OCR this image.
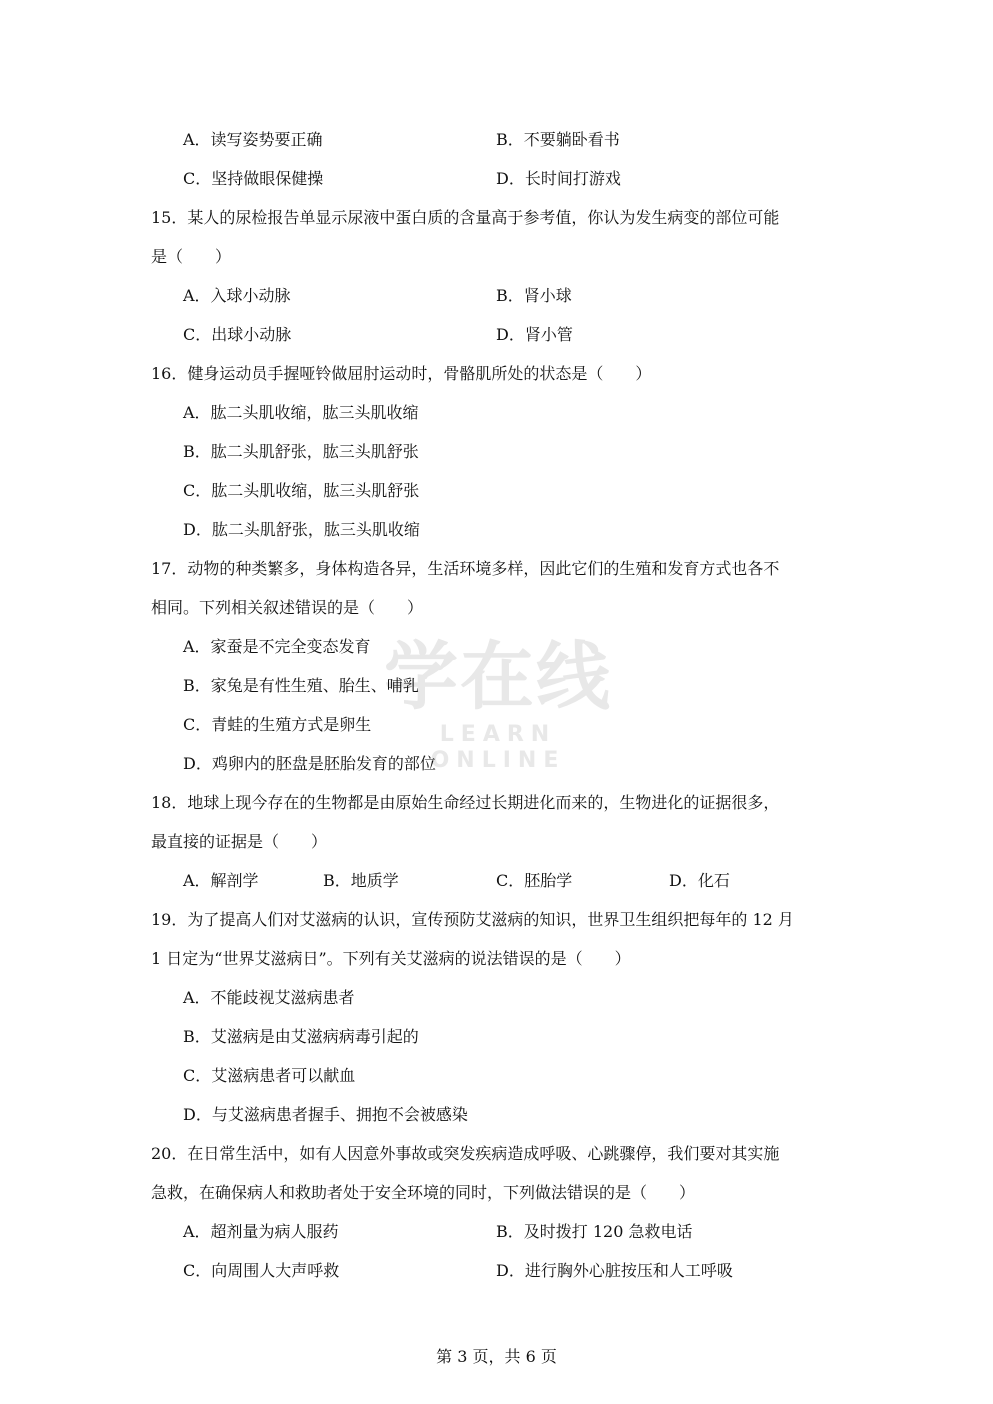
学在线
LEARN ONLINE
A．读写姿势要正确	B．不要躺卧看书
C．坚持做眼保健操	D．长时间打游戏
15．某人的尿检报告单显示尿液中蛋白质的含量高于参考值，你认为发生病变的部位可能
是（　　）
A．入球小动脉	B．肾小球
C．出球小动脉	D．肾小管
16．健身运动员手握哑铃做屈肘运动时，骨骼肌所处的状态是（　　）
A．肱二头肌收缩，肱三头肌收缩
B．肱二头肌舒张，肱三头肌舒张
C．肱二头肌收缩，肱三头肌舒张
D．肱二头肌舒张，肱三头肌收缩
17．动物的种类繁多，身体构造各异，生活环境多样，因此它们的生殖和发育方式也各不
相同。下列相关叙述错误的是（　　）
A．家蚕是不完全变态发育
B．家兔是有性生殖、胎生、哺乳
C．青蛙的生殖方式是卵生
D．鸡卵内的胚盘是胚胎发育的部位
18．地球上现今存在的生物都是由原始生命经过长期进化而来的，生物进化的证据很多，
最直接的证据是（　　）
A．解剖学	B．地质学	C．胚胎学	D．化石
19．为了提高人们对艾滋病的认识，宣传预防艾滋病的知识，世界卫生组织把每年的 12 月
1 日定为“世界艾滋病日”。下列有关艾滋病的说法错误的是（　　）
A．不能歧视艾滋病患者
B．艾滋病是由艾滋病病毒引起的
C．艾滋病患者可以献血
D．与艾滋病患者握手、拥抱不会被感染
20．在日常生活中，如有人因意外事故或突发疾病造成呼吸、心跳骤停，我们要对其实施
急救，在确保病人和救助者处于安全环境的同时，下列做法错误的是（　　）
A．超剂量为病人服药	B．及时拨打 120 急救电话
C．向周围人大声呼救	D．进行胸外心脏按压和人工呼吸
第 3 页，共 6 页
